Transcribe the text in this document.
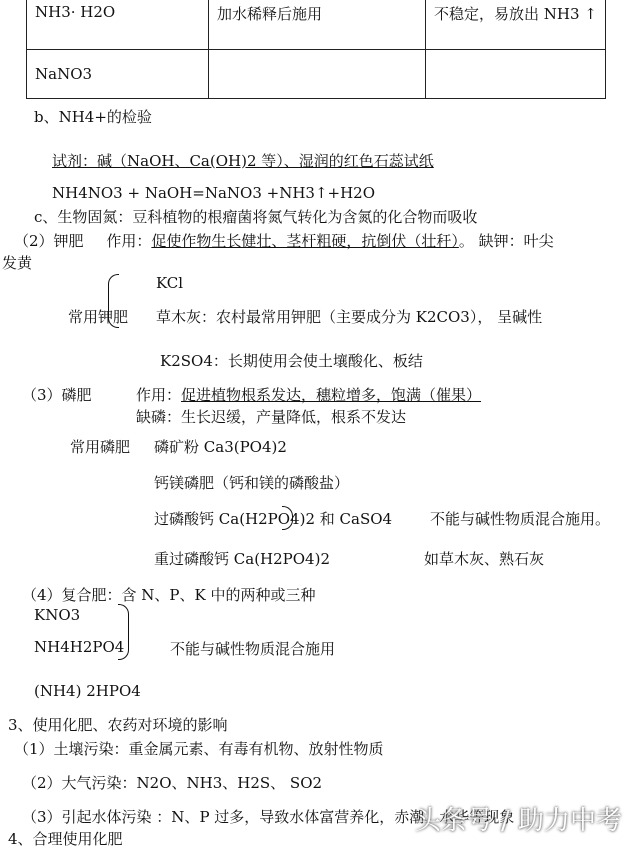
NH3· H2O	加水稀释后施用	不稳定，易放出 NH3 ↑
NaNO3		
b、NH4+的检验
试剂：碱（NaOH、Ca(OH)2 等）、湿润的红色石蕊试纸
NH4NO3 + NaOH=NaNO3 +NH3↑+H2O
c、生物固氮：豆科植物的根瘤菌将氮气转化为含氮的化合物而吸收
（2）钾肥 作用：促使作物生长健壮、茎杆粗硬，抗倒伏（壮秆）。 缺钾：叶尖
发黄
KCl
常用钾肥 草木灰：农村最常用钾肥（主要成分为 K2CO3）， 呈碱性
K2SO4：长期使用会使土壤酸化、板结
（3）磷肥	作用：促进植物根系发达，穗粒增多，饱满（催果）
缺磷：生长迟缓，产量降低，根系不发达
常用磷肥 磷矿粉 Ca3(PO4)2
钙镁磷肥（钙和镁的磷酸盐）
过磷酸钙 Ca(H2PO4)2 和 CaSO4	不能与碱性物质混合施用。
重过磷酸钙 Ca(H2PO4)2	如草木灰、熟石灰
（4）复合肥：含 N、P、K 中的两种或三种
KNO3
NH4H2PO4	不能与碱性物质混合施用
(NH4) 2HPO4
3、使用化肥、农药对环境的影响
（1）土壤污染：重金属元素、有毒有机物、放射性物质
（2）大气污染：N2O、NH3、H2S、 SO2
（3）引起水体污染 ：N、P 过多，导致水体富营养化，赤潮、水华等现象
4、合理使用化肥
头条号 / 助力中考
